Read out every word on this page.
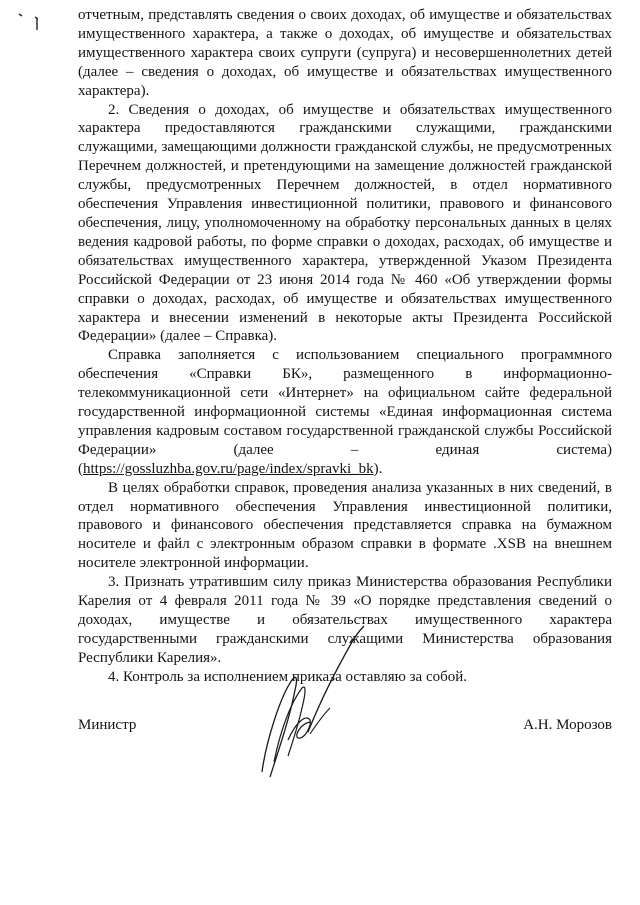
отчетным, представлять сведения о своих доходах, об имуществе и обязательствах имущественного характера, а также о доходах, об имуществе и обязательствах имущественного характера своих супруги (супруга) и несовершеннолетних детей (далее – сведения о доходах, об имуществе и обязательствах имущественного характера).

2. Сведения о доходах, об имуществе и обязательствах имущественного характера предоставляются гражданскими служащими, гражданскими служащими, замещающими должности гражданской службы, не предусмотренных Перечнем должностей, и претендующими на замещение должностей гражданской службы, предусмотренных Перечнем должностей, в отдел нормативного обеспечения Управления инвестиционной политики, правового и финансового обеспечения, лицу, уполномоченному на обработку персональных данных в целях ведения кадровой работы, по форме справки о доходах, расходах, об имуществе и обязательствах имущественного характера, утвержденной Указом Президента Российской Федерации от 23 июня 2014 года № 460 «Об утверждении формы справки о доходах, расходах, об имуществе и обязательствах имущественного характера и внесении изменений в некоторые акты Президента Российской Федерации» (далее – Справка).

Справка заполняется с использованием специального программного обеспечения «Справки БК», размещенного в информационно-телекоммуникационной сети «Интернет» на официальном сайте федеральной государственной информационной системы «Единая информационная система управления кадровым составом государственной гражданской службы Российской Федерации» (далее – единая система) (https://gossluzhba.gov.ru/page/index/spravki_bk).

В целях обработки справок, проведения анализа указанных в них сведений, в отдел нормативного обеспечения Управления инвестиционной политики, правового и финансового обеспечения представляется справка на бумажном носителе и файл с электронным образом справки в формате .XSB на внешнем носителе электронной информации.

3. Признать утратившим силу приказ Министерства образования Республики Карелия от 4 февраля 2011 года № 39 «О порядке представления сведений о доходах, имуществе и обязательствах имущественного характера государственными гражданскими служащими Министерства образования Республики Карелия».

4. Контроль за исполнением приказа оставляю за собой.

Министр	А.Н. Морозов
